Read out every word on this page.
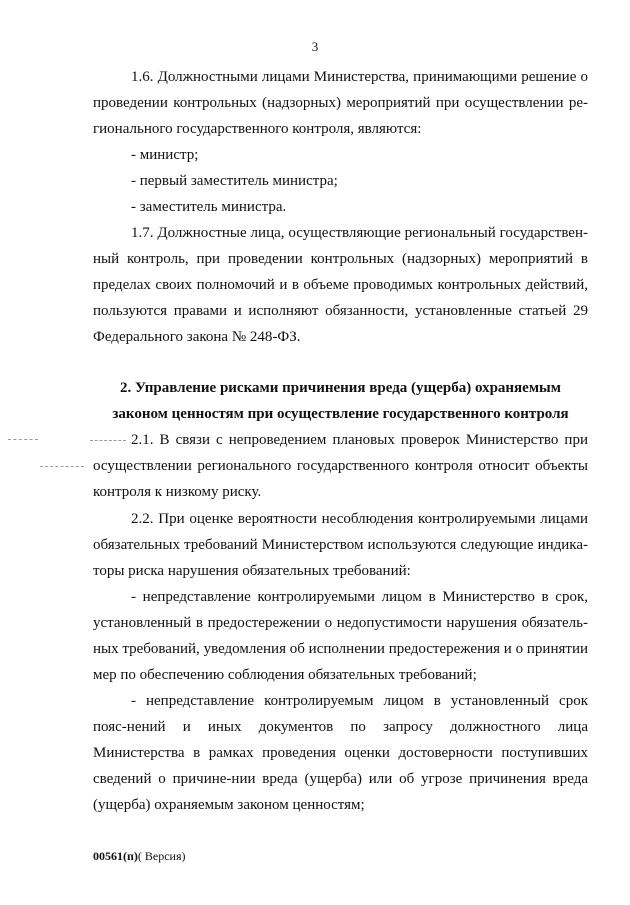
3

1.6. Должностными лицами Министерства, принимающими решение о проведении контрольных (надзорных) мероприятий при осуществлении ре-гионального государственного контроля, являются:

- министр;

- первый заместитель министра;

- заместитель министра.

1.7. Должностные лица, осуществляющие региональный государствен-ный контроль, при проведении контрольных (надзорных) мероприятий в пределах своих полномочий и в объеме проводимых контрольных действий, пользуются правами и исполняют обязанности, установленные статьей 29 Федерального закона № 248-ФЗ.

2. Управление рисками причинения вреда (ущерба) охраняемым законом ценностям при осуществление государственного контроля

2.1. В связи с непроведением плановых проверок Министерство при осуществлении регионального государственного контроля относит объекты контроля к низкому риску.

2.2. При оценке вероятности несоблюдения контролируемыми лицами обязательных требований Министерством используются следующие индика-торы риска нарушения обязательных требований:

- непредставление контролируемыми лицом в Министерство в срок, установленный в предостережении о недопустимости нарушения обязатель-ных требований, уведомления об исполнении предостережения и о принятии мер по обеспечению соблюдения обязательных требований;

- непредставление контролируемым лицом в установленный срок пояс-нений и иных документов по запросу должностного лица Министерства в рамках проведения оценки достоверности поступивших сведений о причине-нии вреда (ущерба) или об угрозе причинения вреда (ущерба) охраняемым законом ценностям;

00561(п)( Версия)
